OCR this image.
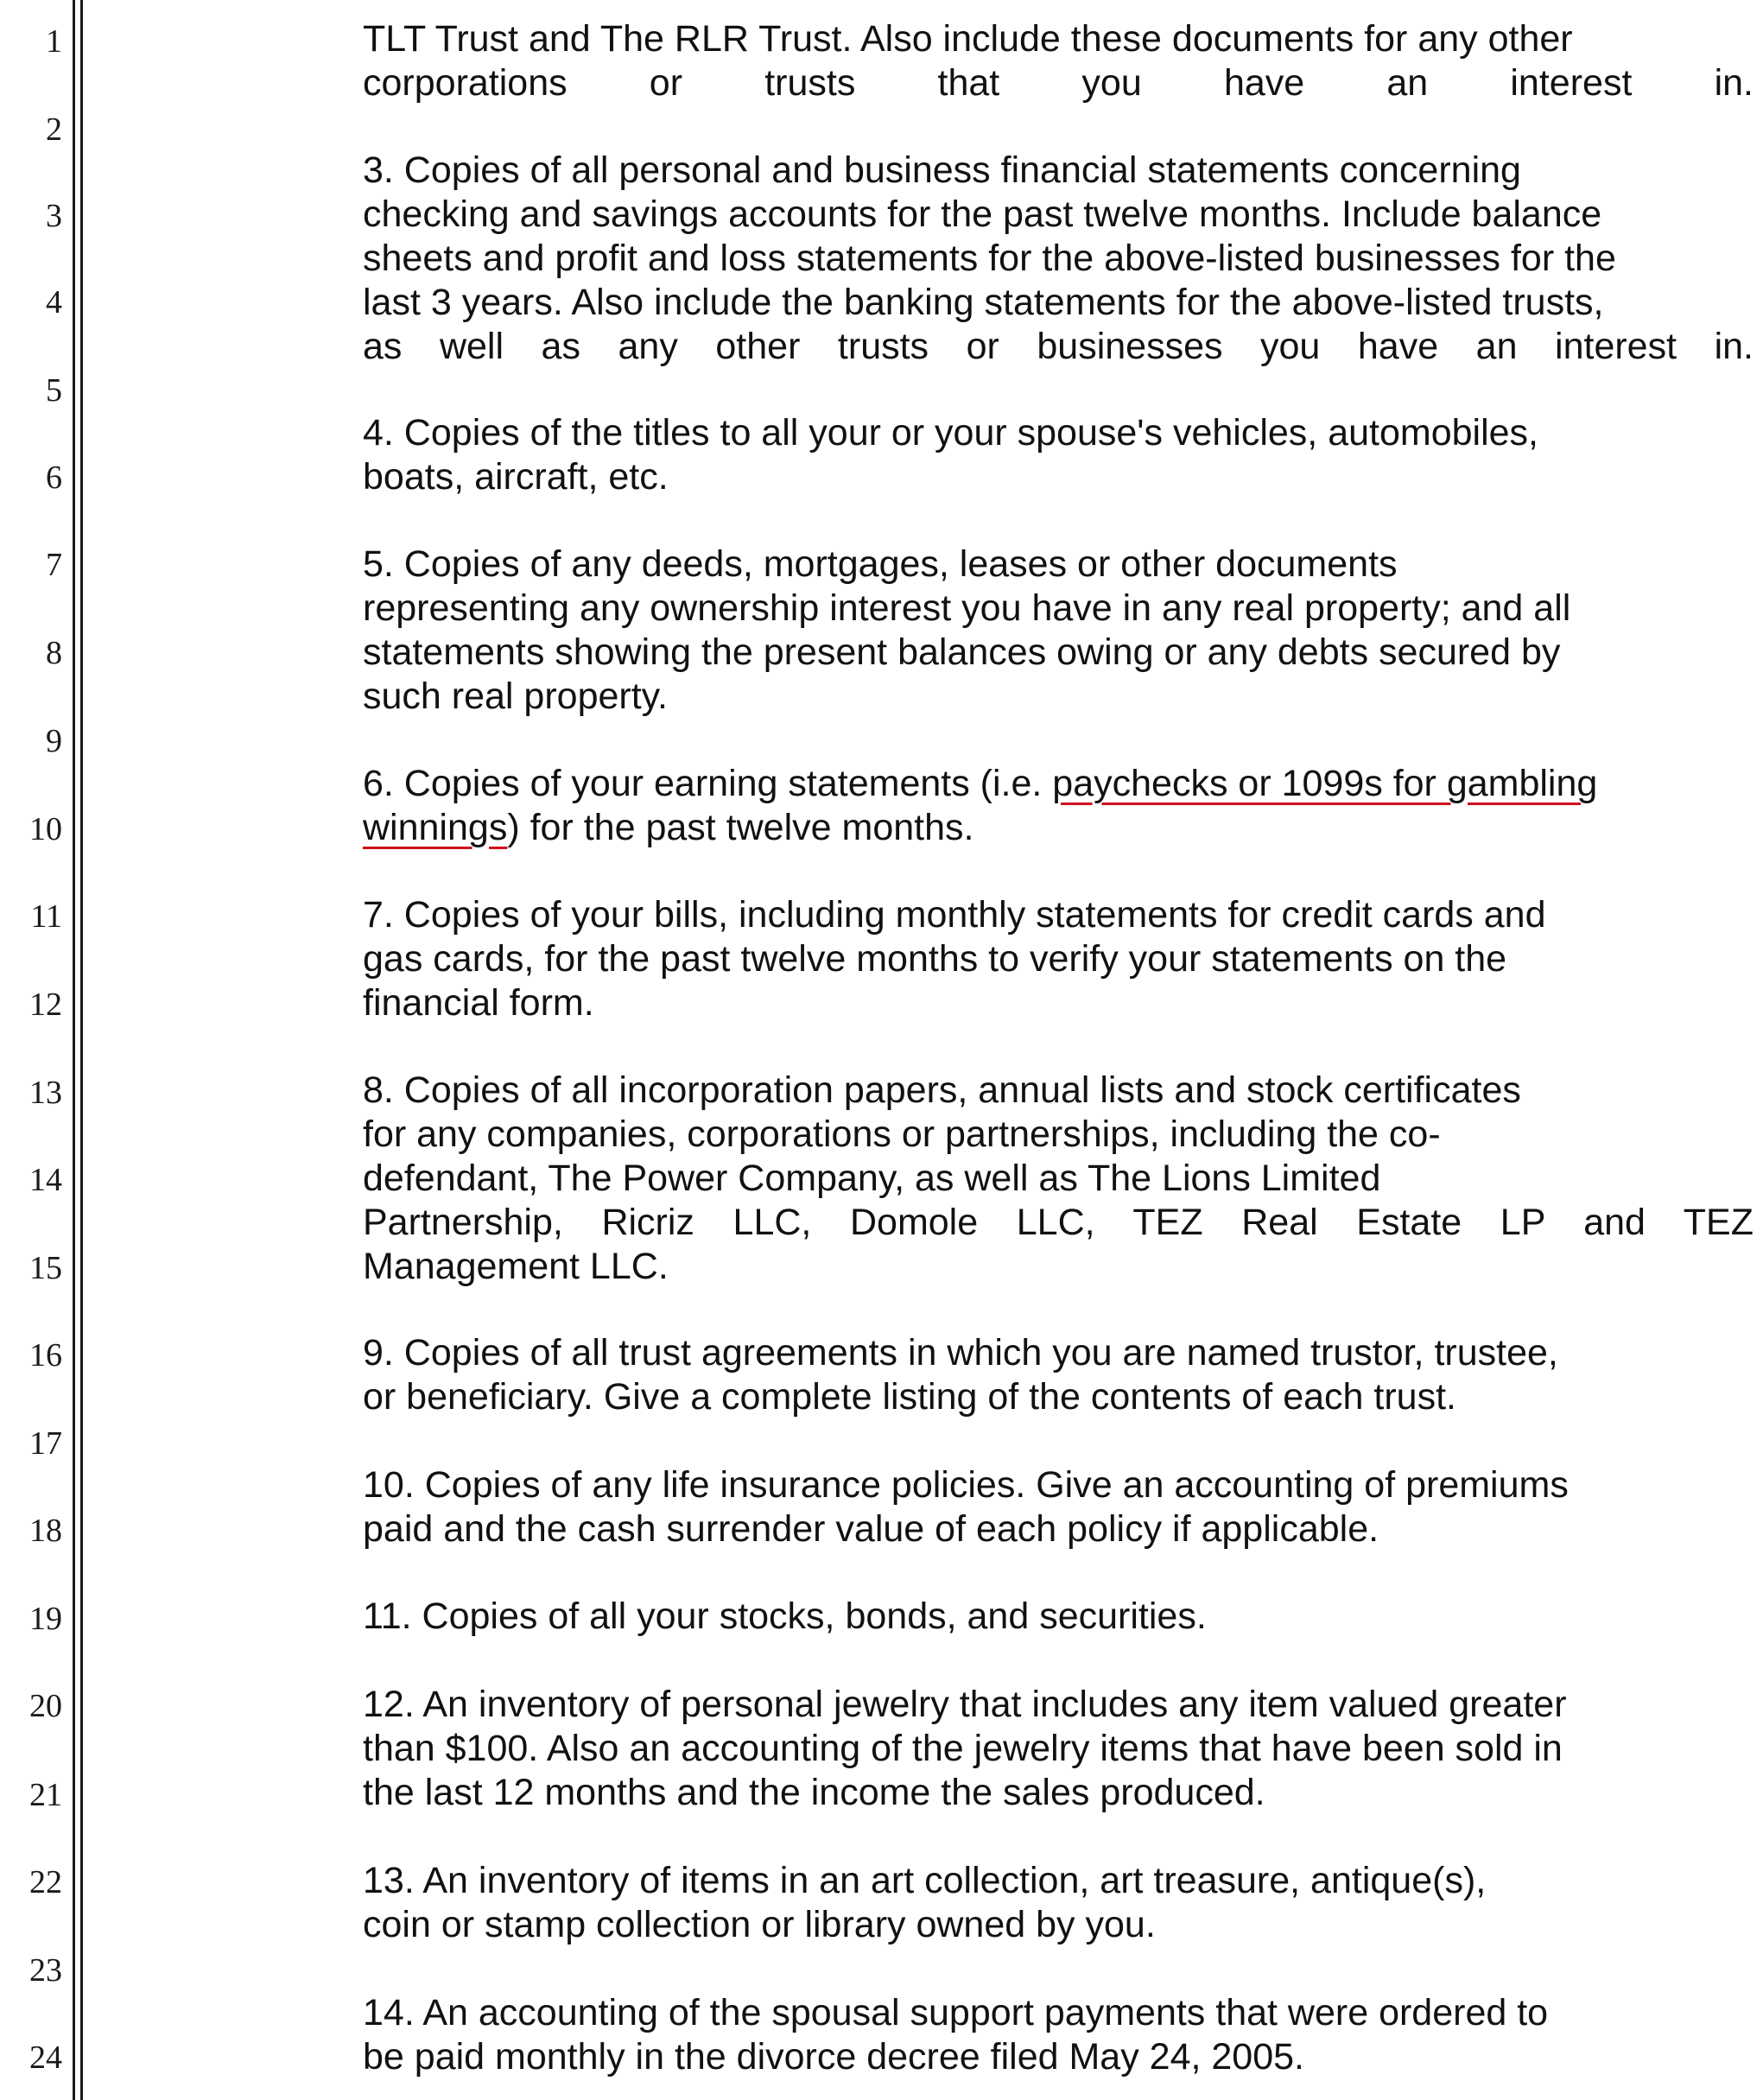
1
2
3
4
5
6
7
8
9
10
11
12
13
14
15
16
17
18
19
20
21
22
23
24

TLT Trust and The RLR Trust. Also include these documents for any other
corporations or trusts that you have an interest in.

3. Copies of all personal and business financial statements concerning
checking and savings accounts for the past twelve months. Include balance
sheets and profit and loss statements for the above-listed businesses for the
last 3 years. Also include the banking statements for the above-listed trusts,
as well as any other trusts or businesses you have an interest in.

4. Copies of the titles to all your or your spouse's vehicles, automobiles,
boats, aircraft, etc.

5. Copies of any deeds, mortgages, leases or other documents
representing any ownership interest you have in any real property; and all
statements showing the present balances owing or any debts secured by
such real property.

6. Copies of your earning statements (i.e. paychecks or 1099s for gambling
winnings) for the past twelve months.

7. Copies of your bills, including monthly statements for credit cards and
gas cards, for the past twelve months to verify your statements on the
financial form.

8. Copies of all incorporation papers, annual lists and stock certificates
for any companies, corporations or partnerships, including the co-
defendant, The Power Company, as well as The Lions Limited
Partnership, Ricriz LLC, Domole LLC, TEZ Real Estate LP and TEZ
Management LLC.

9. Copies of all trust agreements in which you are named trustor, trustee,
or beneficiary. Give a complete listing of the contents of each trust.

10. Copies of any life insurance policies. Give an accounting of premiums
paid and the cash surrender value of each policy if applicable.

11. Copies of all your stocks, bonds, and securities.

12. An inventory of personal jewelry that includes any item valued greater
than $100. Also an accounting of the jewelry items that have been sold in
the last 12 months and the income the sales produced.

13. An inventory of items in an art collection, art treasure, antique(s),
coin or stamp collection or library owned by you.

14. An accounting of the spousal support payments that were ordered to
be paid monthly in the divorce decree filed May 24, 2005.
